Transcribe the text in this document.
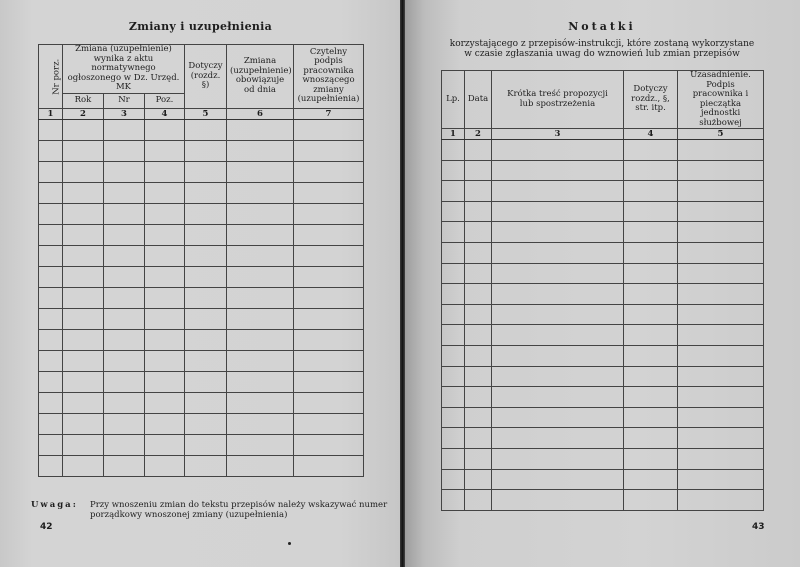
Zmiany i uzupełnienia
Nr porz.	Zmiana (uzupełnienie) wynika z aktu normatywnego ogłoszonego w Dz. Urzęd. MK			Dotyczy (rozdz. §)	Zmiana (uzupełnienie) obowiązuje od dnia	Czytelny podpis pracownika wnoszącego zmiany (uzupełnienia)
	Rok	Nr	Poz.			
1	2	3	4	5	6	7

Uwaga: Przy wnoszeniu zmian do tekstu przepisów należy wskazywać numer porządkowy wnoszonej zmiany (uzupełnienia)
42
Notatki
korzystającego z przepisów-instrukcji, które zostaną wykorzystane
w czasie zgłaszania uwag do wznowień lub zmian przepisów
Lp.	Data	Krótka treść propozycji lub spostrzeżenia	Dotyczy rozdz., §, str. itp.	Uzasadnienie. Podpis pracownika i pieczątka jednostki służbowej
1	2	3	4	5

43
